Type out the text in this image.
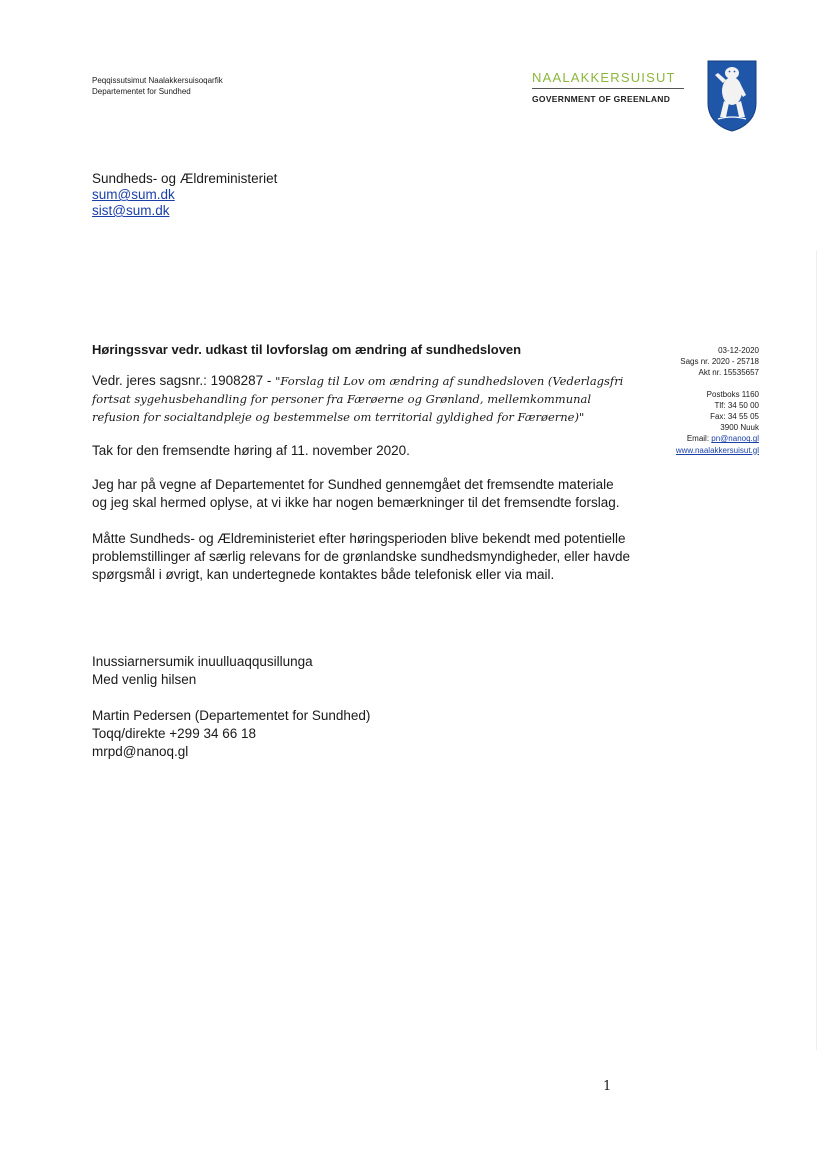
Peqqissutsimut Naalakkersuisoqarfik
Departementet for Sundhed
NAALAKKERSUISUT
GOVERNMENT OF GREENLAND
Sundheds- og Ældreministeriet
sum@sum.dk
sist@sum.dk
03-12-2020
Sags nr. 2020 - 25718
Akt nr. 15535657
Postboks 1160
Tlf: 34 50 00
Fax: 34 55 05
3900 Nuuk
Email: pn@nanoq.gl
www.naalakkersuisut.gl
Høringssvar vedr. udkast til lovforslag om ændring af sundhedsloven
Vedr. jeres sagsnr.: 1908287 - "Forslag til Lov om ændring af sundhedsloven (Vederlagsfri fortsat sygehusbehandling for personer fra Færøerne og Grønland, mellemkommunal refusion for socialtandpleje og bestemmelse om territorial gyldighed for Færøerne)"
Tak for den fremsendte høring af 11. november 2020.
Jeg har på vegne af Departementet for Sundhed gennemgået det fremsendte materiale og jeg skal hermed oplyse, at vi ikke har nogen bemærkninger til det fremsendte forslag.
Måtte Sundheds- og Ældreministeriet efter høringsperioden blive bekendt med potentielle problemstillinger af særlig relevans for de grønlandske sundhedsmyndigheder, eller havde spørgsmål i øvrigt, kan undertegnede kontaktes både telefonisk eller via mail.
Inussiarnersumik inuulluaqqusillunga
Med venlig hilsen
Martin Pedersen (Departementet for Sundhed)
Toqq/direkte +299 34 66 18
mrpd@nanoq.gl
1
